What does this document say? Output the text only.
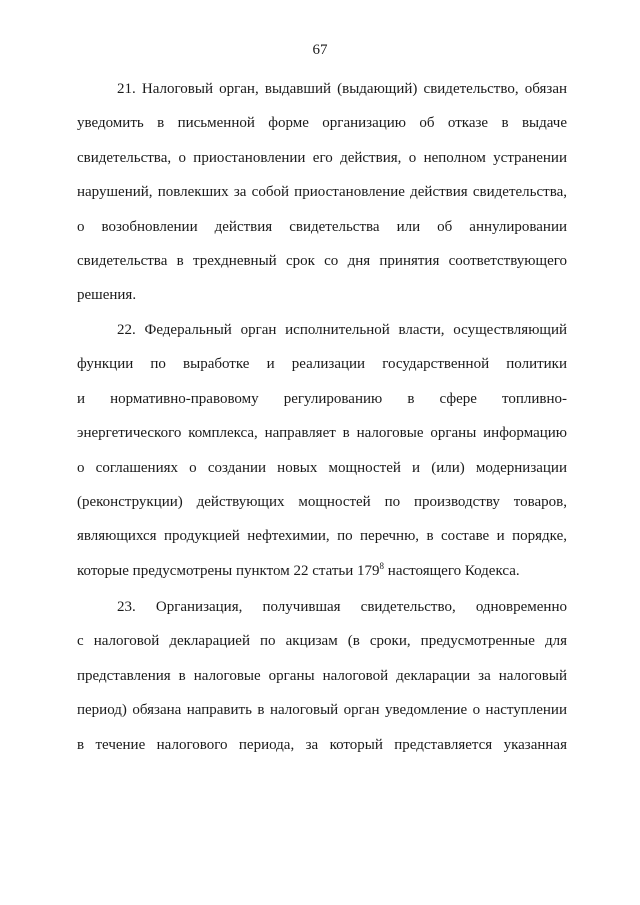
67
21. Налоговый орган, выдавший (выдающий) свидетельство, обязан
уведомить в письменной форме организацию об отказе в выдаче
свидетельства, о приостановлении его действия, о неполном устранении
нарушений, повлекших за собой приостановление действия свидетельства,
о возобновлении действия свидетельства или об аннулировании
свидетельства в трехдневный срок со дня принятия соответствующего
решения.
22. Федеральный орган исполнительной власти, осуществляющий
функции по выработке и реализации государственной политики
и нормативно-правовому регулированию в сфере топливно-
энергетического комплекса, направляет в налоговые органы информацию
о соглашениях о создании новых мощностей и (или) модернизации
(реконструкции) действующих мощностей по производству товаров,
являющихся продукцией нефтехимии, по перечню, в составе и порядке,
которые предусмотрены пунктом 22 статьи $179^8$ настоящего Кодекса.
23. Организация, получившая свидетельство, одновременно
с налоговой декларацией по акцизам (в сроки, предусмотренные для
представления в налоговые органы налоговой декларации за налоговый
период) обязана направить в налоговый орган уведомление о наступлении
в течение налогового периода, за который представляется указанная
